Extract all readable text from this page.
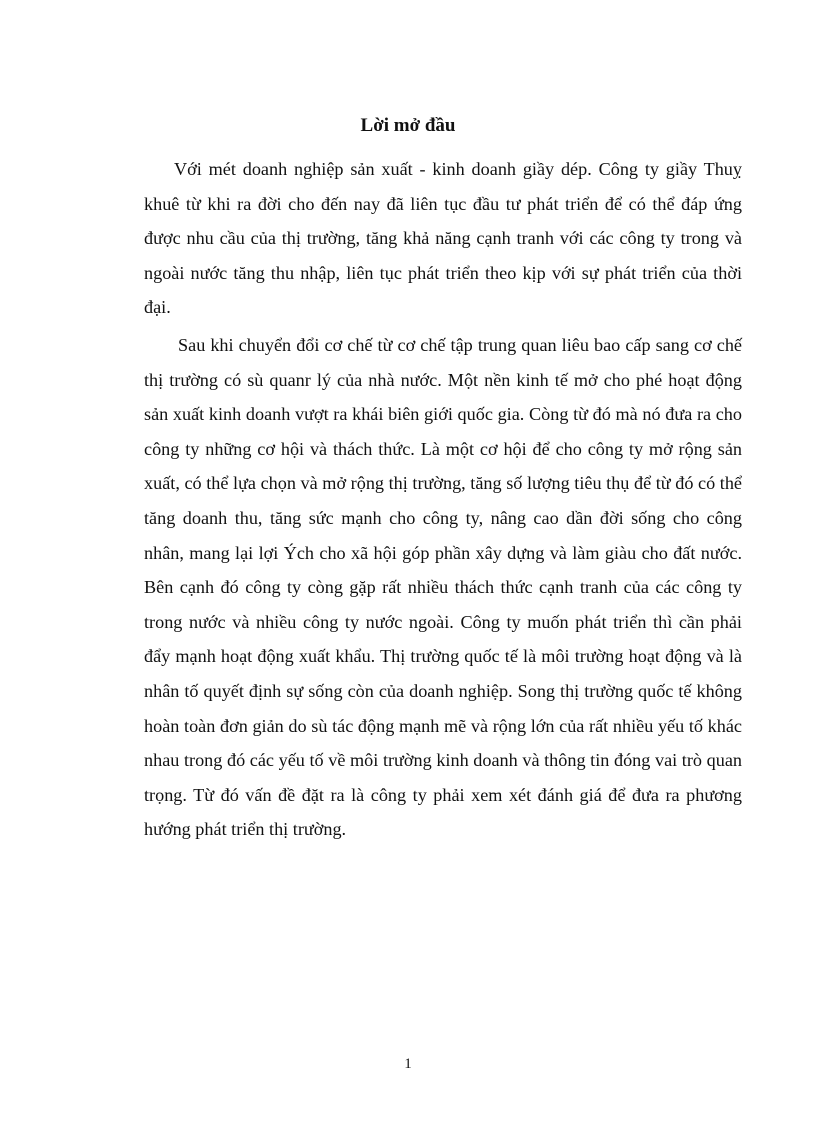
Lời mở đầu

Với mét doanh nghiệp sản xuất - kinh doanh giầy dép. Công ty giầy Thuỵ khuê từ khi ra đời cho đến nay đã liên tục đầu tư phát triển để có thể đáp ứng được nhu cầu của thị trường, tăng khả năng cạnh tranh với các công ty trong và ngoài nước tăng thu nhập, liên tục phát triển theo kịp với sự phát triển của thời đại.

Sau khi chuyển đổi cơ chế từ cơ chế tập trung quan liêu bao cấp sang cơ chế thị trường có sù quanr lý của nhà nước. Một nền kinh tế mở cho phé hoạt động sản xuất kinh doanh vượt ra khái biên giới quốc gia. Còng từ đó mà nó đưa ra cho công ty những cơ hội và thách thức. Là một cơ hội để cho công ty mở rộng sản xuất, có thể lựa chọn và mở rộng thị trường, tăng số lượng tiêu thụ để từ đó có thể tăng doanh thu, tăng sức mạnh cho công ty, nâng cao dần đời sống cho công nhân, mang lại lợi Ých cho xã hội góp phần xây dựng và làm giàu cho đất nước. Bên cạnh đó công ty còng gặp rất nhiều thách thức cạnh tranh của các công ty trong nước và nhiều công ty nước ngoài. Công ty muốn phát triển thì cần phải đẩy mạnh hoạt động xuất khẩu. Thị trường quốc tế là môi trường hoạt động và là nhân tố quyết định sự sống còn của doanh nghiệp. Song thị trường quốc tế không hoàn toàn đơn giản do sù tác động mạnh mẽ và rộng lớn của rất nhiều yếu tố khác nhau trong đó các yếu tố về môi trường kinh doanh và thông tin đóng vai trò quan trọng. Từ đó vấn đề đặt ra là công ty phải xem xét đánh giá để đưa ra phương hướng phát triển thị trường.

1
